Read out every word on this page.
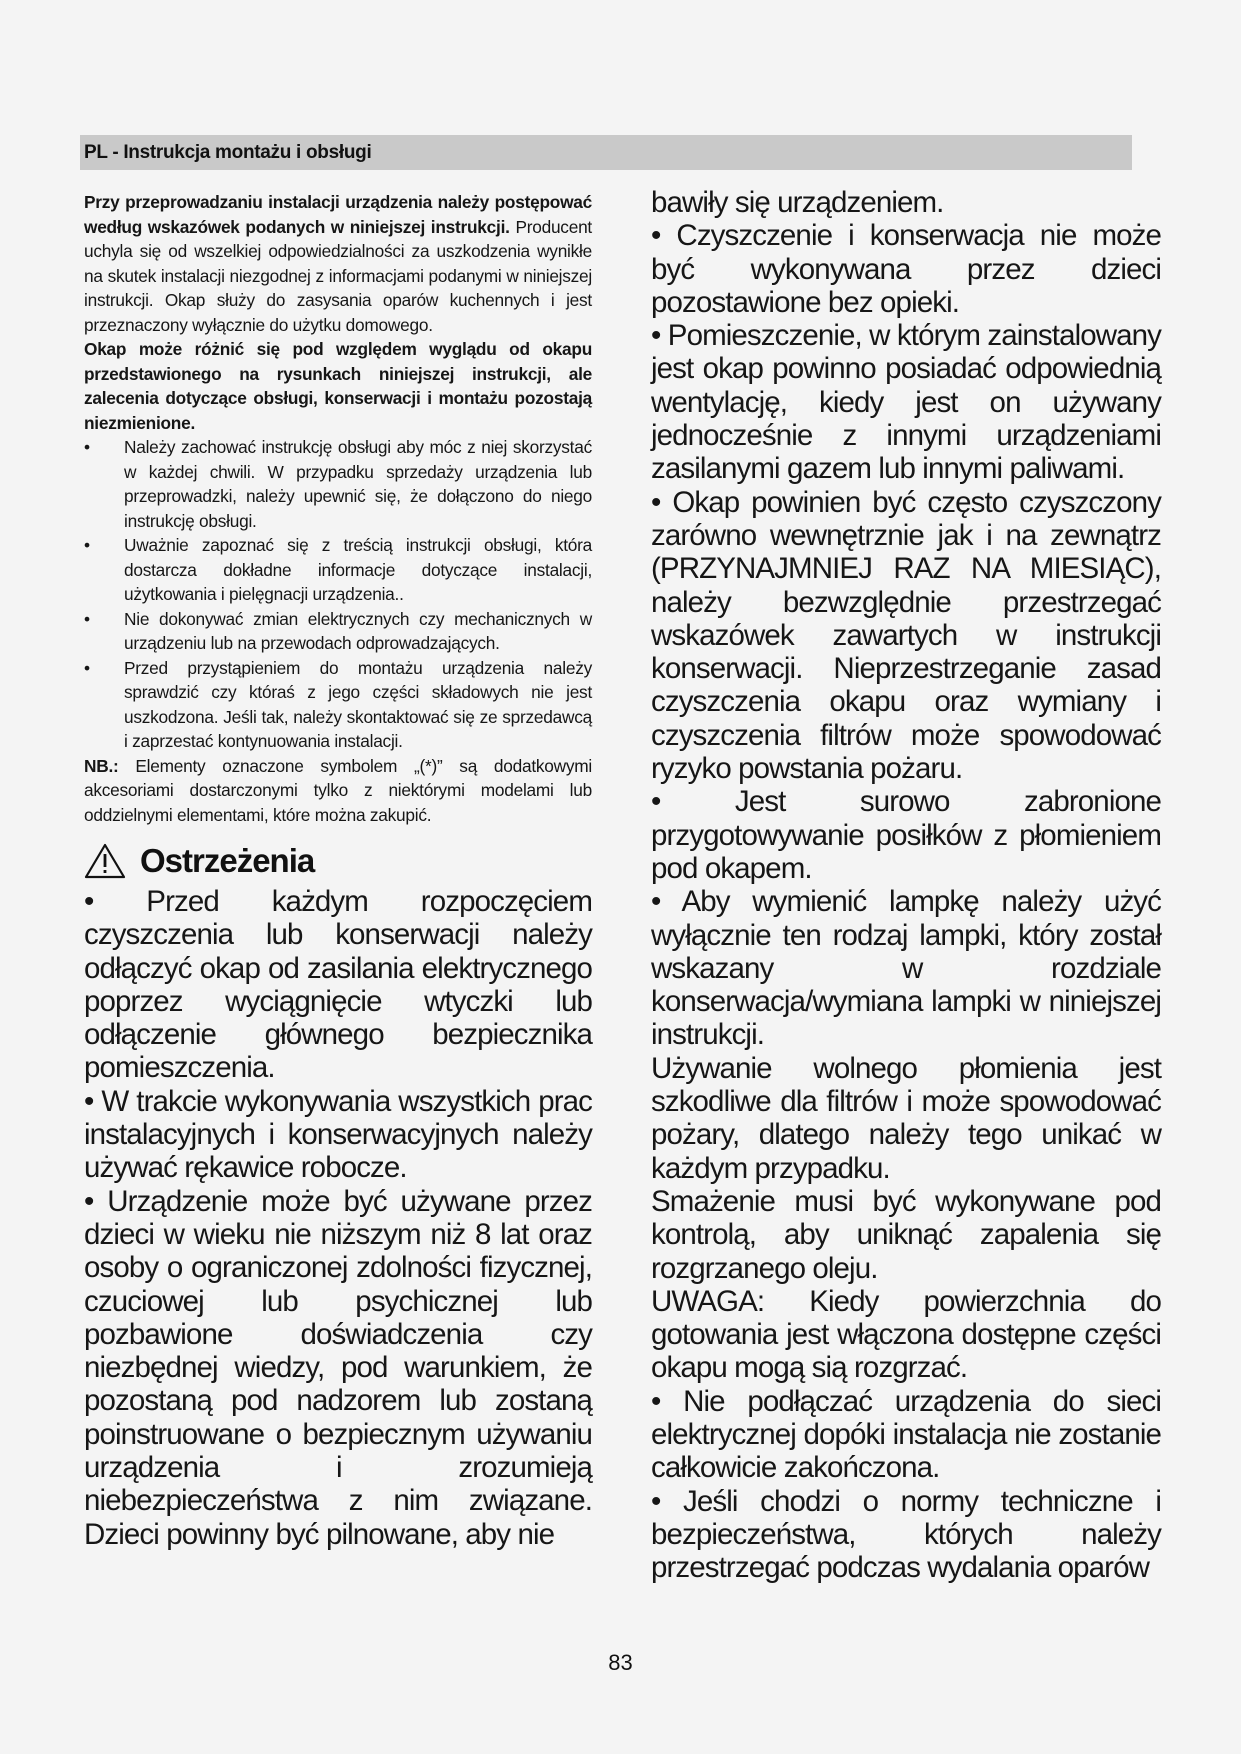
PL - Instrukcja montażu i obsługi

Przy przeprowadzaniu instalacji urządzenia należy postępować według wskazówek podanych w niniejszej instrukcji. Producent uchyla się od wszelkiej odpowiedzialności za uszkodzenia wynikłe na skutek instalacji niezgodnej z informacjami podanymi w niniejszej instrukcji. Okap służy do zasysania oparów kuchennych i jest przeznaczony wyłącznie do użytku domowego.

Okap może różnić się pod względem wyglądu od okapu przedstawionego na rysunkach niniejszej instrukcji, ale zalecenia dotyczące obsługi, konserwacji i montażu pozostają niezmienione.

• Należy zachować instrukcję obsługi aby móc z niej skorzystać w każdej chwili. W przypadku sprzedaży urządzenia lub przeprowadzki, należy upewnić się, że dołączono do niego instrukcję obsługi.
• Uważnie zapoznać się z treścią instrukcji obsługi, która dostarcza dokładne informacje dotyczące instalacji, użytkowania i pielęgnacji urządzenia..
• Nie dokonywać zmian elektrycznych czy mechanicznych w urządzeniu lub na przewodach odprowadzających.
• Przed przystąpieniem do montażu urządzenia należy sprawdzić czy któraś z jego części składowych nie jest uszkodzona. Jeśli tak, należy skontaktować się ze sprzedawcą i zaprzestać kontynuowania instalacji.

NB.: Elementy oznaczone symbolem „(*)” są dodatkowymi akcesoriami dostarczonymi tylko z niektórymi modelami lub oddzielnymi elementami, które można zakupić.

Ostrzeżenia

• Przed każdym rozpoczęciem czyszczenia lub konserwacji należy odłączyć okap od zasilania elektrycznego poprzez wyciągnięcie wtyczki lub odłączenie głównego bezpiecznika pomieszczenia.

• W trakcie wykonywania wszystkich prac instalacyjnych i konserwacyjnych należy używać rękawice robocze.

• Urządzenie może być używane przez dzieci w wieku nie niższym niż 8 lat oraz osoby o ograniczonej zdolności fizycznej, czuciowej lub psychicznej lub pozbawione doświadczenia czy niezbędnej wiedzy, pod warunkiem, że pozostaną pod nadzorem lub zostaną poinstruowane o bezpiecznym używaniu urządzenia i zrozumieją niebezpieczeństwa z nim związane. Dzieci powinny być pilnowane, aby nie

bawiły się urządzeniem.

• Czyszczenie i konserwacja nie może być wykonywana przez dzieci pozostawione bez opieki.

• Pomieszczenie, w którym zainstalowany jest okap powinno posiadać odpowiednią wentylację, kiedy jest on używany jednocześnie z innymi urządzeniami zasilanymi gazem lub innymi paliwami.

• Okap powinien być często czyszczony zarówno wewnętrznie jak i na zewnątrz (PRZYNAJMNIEJ RAZ NA MIESIĄC), należy bezwzględnie przestrzegać wskazówek zawartych w instrukcji konserwacji. Nieprzestrzeganie zasad czyszczenia okapu oraz wymiany i czyszczenia filtrów może spowodować ryzyko powstania pożaru.

• Jest surowo zabronione przygotowywanie posiłków z płomieniem pod okapem.

• Aby wymienić lampkę należy użyć wyłącznie ten rodzaj lampki, który został wskazany w rozdziale konserwacja/wymiana lampki w niniejszej instrukcji.

Używanie wolnego płomienia jest szkodliwe dla filtrów i może spowodować pożary, dlatego należy tego unikać w każdym przypadku.

Smażenie musi być wykonywane pod kontrolą, aby uniknąć zapalenia się rozgrzanego oleju.

UWAGA: Kiedy powierzchnia do gotowania jest włączona dostępne części okapu mogą sią rozgrzać.

• Nie podłączać urządzenia do sieci elektrycznej dopóki instalacja nie zostanie całkowicie zakończona.

• Jeśli chodzi o normy techniczne i bezpieczeństwa, których należy przestrzegać podczas wydalania oparów

83
